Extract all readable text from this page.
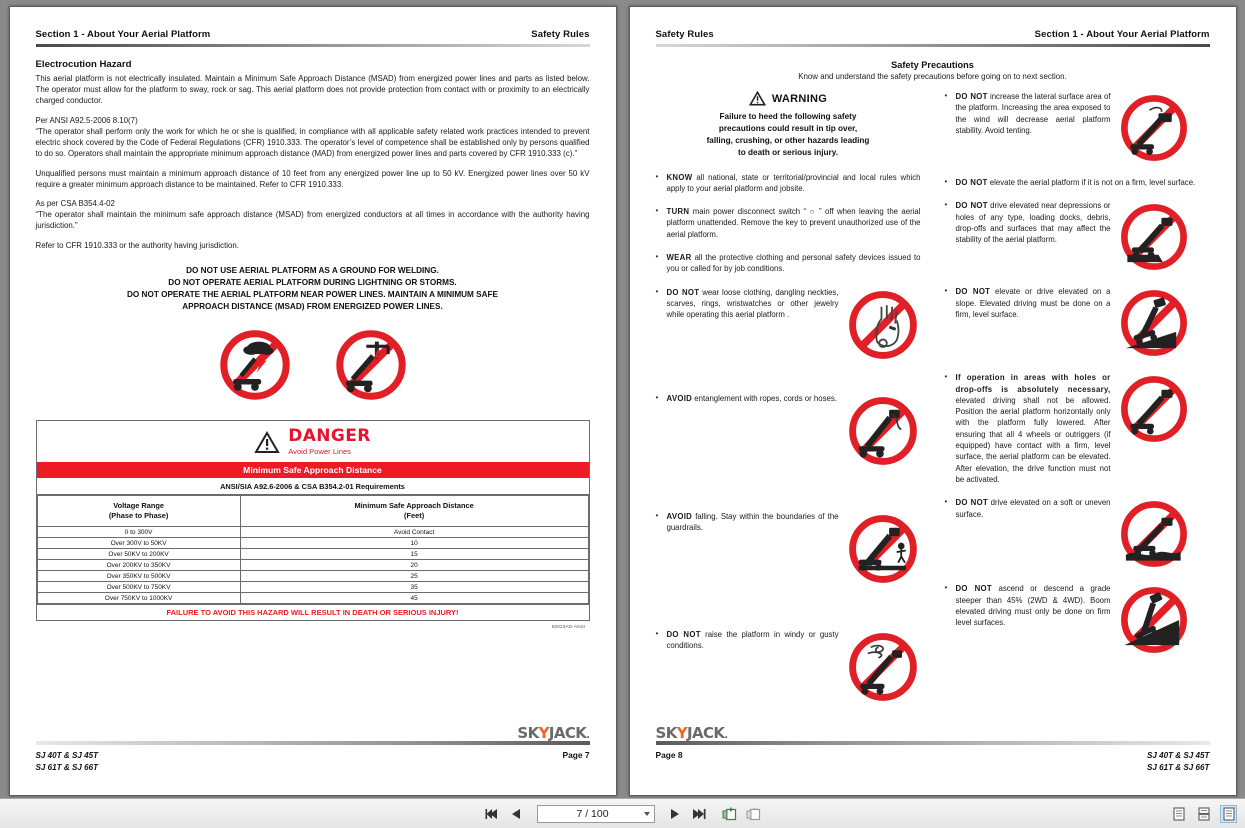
Section 1 - About Your Aerial Platform	Safety Rules
Electrocution Hazard

This aerial platform is not electrically insulated. Maintain a Minimum Safe Approach Distance (MSAD) from energized power lines and parts as listed below. The operator must allow for the platform to sway, rock or sag. This aerial platform does not provide protection from contact with or proximity to an electrically charged conductor.

Per ANSI A92.5-2006 8.10(7)

“The operator shall perform only the work for which he or she is qualified, in compliance with all applicable safety related work practices intended to prevent electric shock covered by the Code of Federal Regulations (CFR) 1910.333. The operator’s level of competence shall be established only by persons qualified to do so. Operators shall maintain the appropriate minimum approach distance (MAD) from energized power lines and parts covered by CFR 1910.333 (c).”

Unqualified persons must maintain a minimum approach distance of 10 feet from any energized power line up to 50 kV. Energized power lines over 50 kV require a greater minimum approach distance to be maintained. Refer to CFR 1910.333.

As per CSA B354.4-02

“The operator shall maintain the minimum safe approach distance (MSAD) from energized conductors at all times in accordance with the authority having jurisdiction.”

Refer to CFR 1910.333 or the authority having jurisdiction.

DO NOT USE AERIAL PLATFORM AS A GROUND FOR WELDING.
DO NOT OPERATE AERIAL PLATFORM DURING LIGHTNING OR STORMS.
DO NOT OPERATE THE AERIAL PLATFORM NEAR POWER LINES. MAINTAIN A MINIMUM SAFE
APPROACH DISTANCE (MSAD) FROM ENERGIZED POWER LINES.
DANGER
Avoid Power Lines
Minimum Safe Approach Distance
ANSI/SIA A92.6-2006 & CSA B354.2-01 Requirements
Voltage Range
(Phase to Phase)	Minimum Safe Approach Distance
(Feet)
0 to 300V	Avoid Contact
Over 300V to 50KV	10
Over 50KV to 200KV	15
Over 200KV to 350KV	20
Over 350KV to 500KV	25
Over 500KV to 750KV	35
Over 750KV to 1000KV	45
FAILURE TO AVOID THIS HAZARD WILL RESULT IN DEATH OR SERIOUS INJURY!
60023AD-ANSI
SKYJACK.
SJ 40T & SJ 45T
SJ 61T & SJ 66T
Page 7
Safety Rules	Section 1 - About Your Aerial Platform
Safety Precautions
Know and understand the safety precautions before going on to next section.
WARNING
Failure to heed the following safety
precautions could result in tip over,
falling, crushing, or other hazards leading
to death or serious injury.
• KNOW all national, state or territorial/provincial and local rules which apply to your aerial platform and jobsite.
• TURN main power disconnect switch “ ○ ” off when leaving the aerial platform unattended. Remove the key to prevent unauthorized use of the aerial platform.
• WEAR all the protective clothing and personal safety devices issued to you or called for by job conditions.
• DO NOT wear loose clothing, dangling neckties, scarves, rings, wristwatches or other jewelry while operating this aerial platform .
• AVOID entanglement with ropes, cords or hoses.
• AVOID falling. Stay within the boundaries of the guardrails.
• DO NOT raise the platform in windy or gusty conditions.
• DO NOT increase the lateral surface area of the platform. Increasing the area exposed to the wind will decrease aerial platform stability. Avoid tenting.
• DO NOT elevate the aerial platform if it is not on a firm, level surface.
• DO NOT drive elevated near depressions or holes of any type, loading docks, debris, drop-offs and surfaces that may affect the stability of the aerial platform.
• DO NOT elevate or drive elevated on a slope. Elevated driving must be done on a firm, level surface.
• If operation in areas with holes or drop-offs is absolutely necessary, elevated driving shall not be allowed. Position the aerial platform horizontally only with the platform fully lowered. After ensuring that all 4 wheels or outriggers (if equipped) have contact with a firm, level surface, the aerial platform can be elevated. After elevation, the drive function must not be activated.
• DO NOT drive elevated on a soft or uneven surface.
• DO NOT ascend or descend a grade steeper than 45% (2WD & 4WD). Boom elevated driving must only be done on firm level surfaces.
SKYJACK.
Page 8	SJ 40T & SJ 45T
SJ 61T & SJ 66T
7 / 100
